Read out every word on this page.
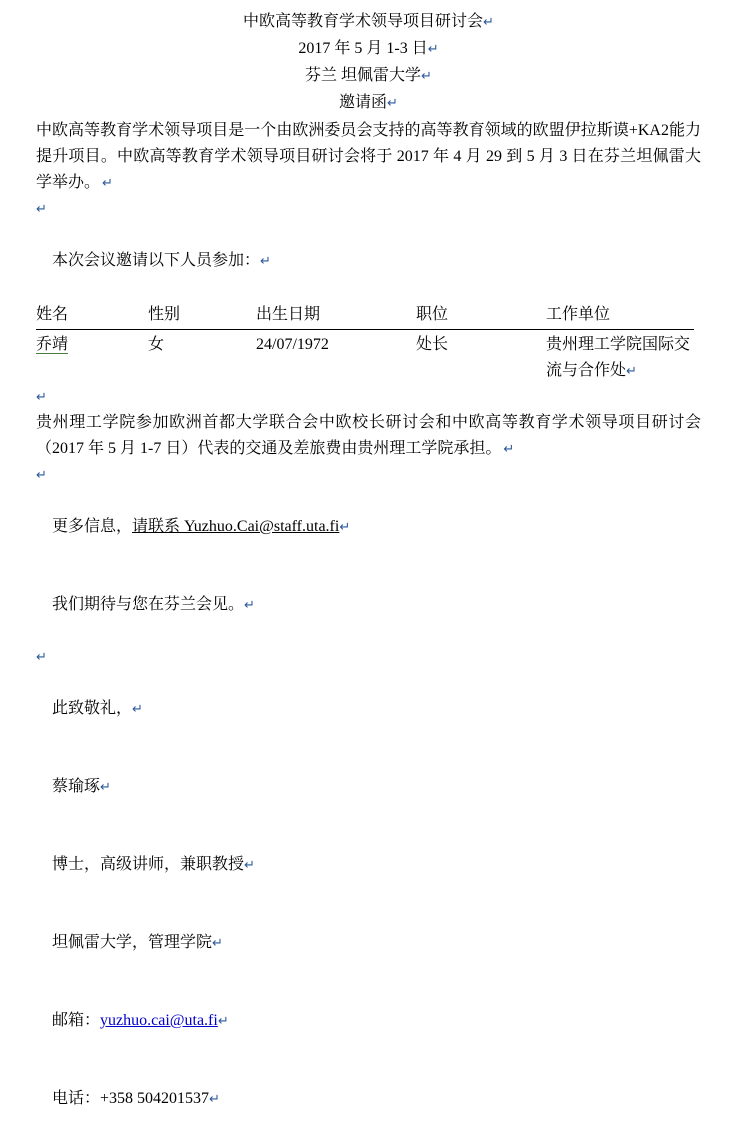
中欧高等教育学术领导项目研讨会↵
2017 年 5 月 1-3 日↵
芬兰 坦佩雷大学↵
邀请函↵

中欧高等教育学术领导项目是一个由欧洲委员会支持的高等教育领域的欧盟伊拉斯谟+KA2能力提升项目。中欧高等教育学术领导项目研讨会将于 2017 年 4 月 29 到 5 月 3 日在芬兰坦佩雷大学举办。 ↵

↵

本次会议邀请以下人员参加：↵

姓名	性别	出生日期	职位	工作单位
乔靖	女	24/07/1972	处长	贵州理工学院国际交流与合作处↵
↵

贵州理工学院参加欧洲首都大学联合会中欧校长研讨会和中欧高等教育学术领导项目研讨会（2017 年 5 月 1-7 日）代表的交通及差旅费由贵州理工学院承担。 ↵

↵

更多信息，请联系 Yuzhuo.Cai@staff.uta.fi↵

我们期待与您在芬兰会见。↵

↵

此致敬礼，↵

蔡瑜琢↵

博士，高级讲师，兼职教授↵

坦佩雷大学，管理学院↵

邮箱：yuzhuo.cai@uta.fi↵

电话：+358 504201537↵
